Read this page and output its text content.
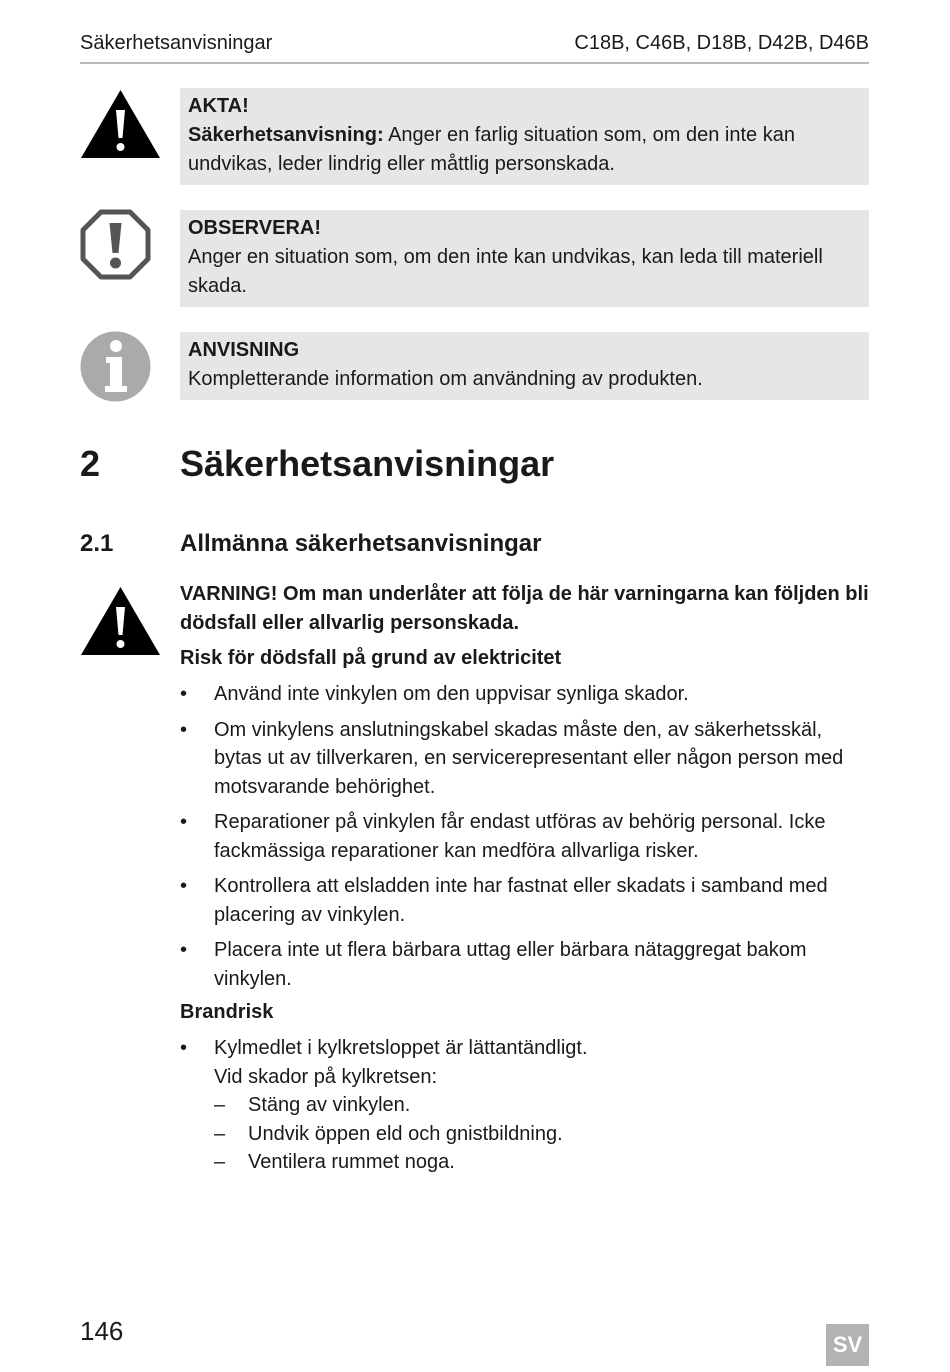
Säkerhetsanvisningar	C18B, C46B, D18B, D42B, D46B
AKTA!
Säkerhetsanvisning: Anger en farlig situation som, om den inte kan undvikas, leder lindrig eller måttlig personskada.
OBSERVERA!
Anger en situation som, om den inte kan undvikas, kan leda till materiell skada.
ANVISNING
Kompletterande information om användning av produkten.
2 Säkerhetsanvisningar
2.1	Allmänna säkerhetsanvisningar
VARNING! Om man underlåter att följa de här varningarna kan följden bli dödsfall eller allvarlig personskada.
Risk för dödsfall på grund av elektricitet
• Använd inte vinkylen om den uppvisar synliga skador.
• Om vinkylens anslutningskabel skadas måste den, av säkerhetsskäl, bytas ut av tillverkaren, en servicerepresentant eller någon person med motsvarande behörighet.
• Reparationer på vinkylen får endast utföras av behörig personal. Icke fackmässiga reparationer kan medföra allvarliga risker.
• Kontrollera att elsladden inte har fastnat eller skadats i samband med placering av vinkylen.
• Placera inte ut flera bärbara uttag eller bärbara nätaggregat bakom vinkylen.
Brandrisk
• Kylmedlet i kylkretsloppet är lättantändligt.
Vid skador på kylkretsen:
– Stäng av vinkylen.
– Undvik öppen eld och gnistbildning.
– Ventilera rummet noga.
146	SV
